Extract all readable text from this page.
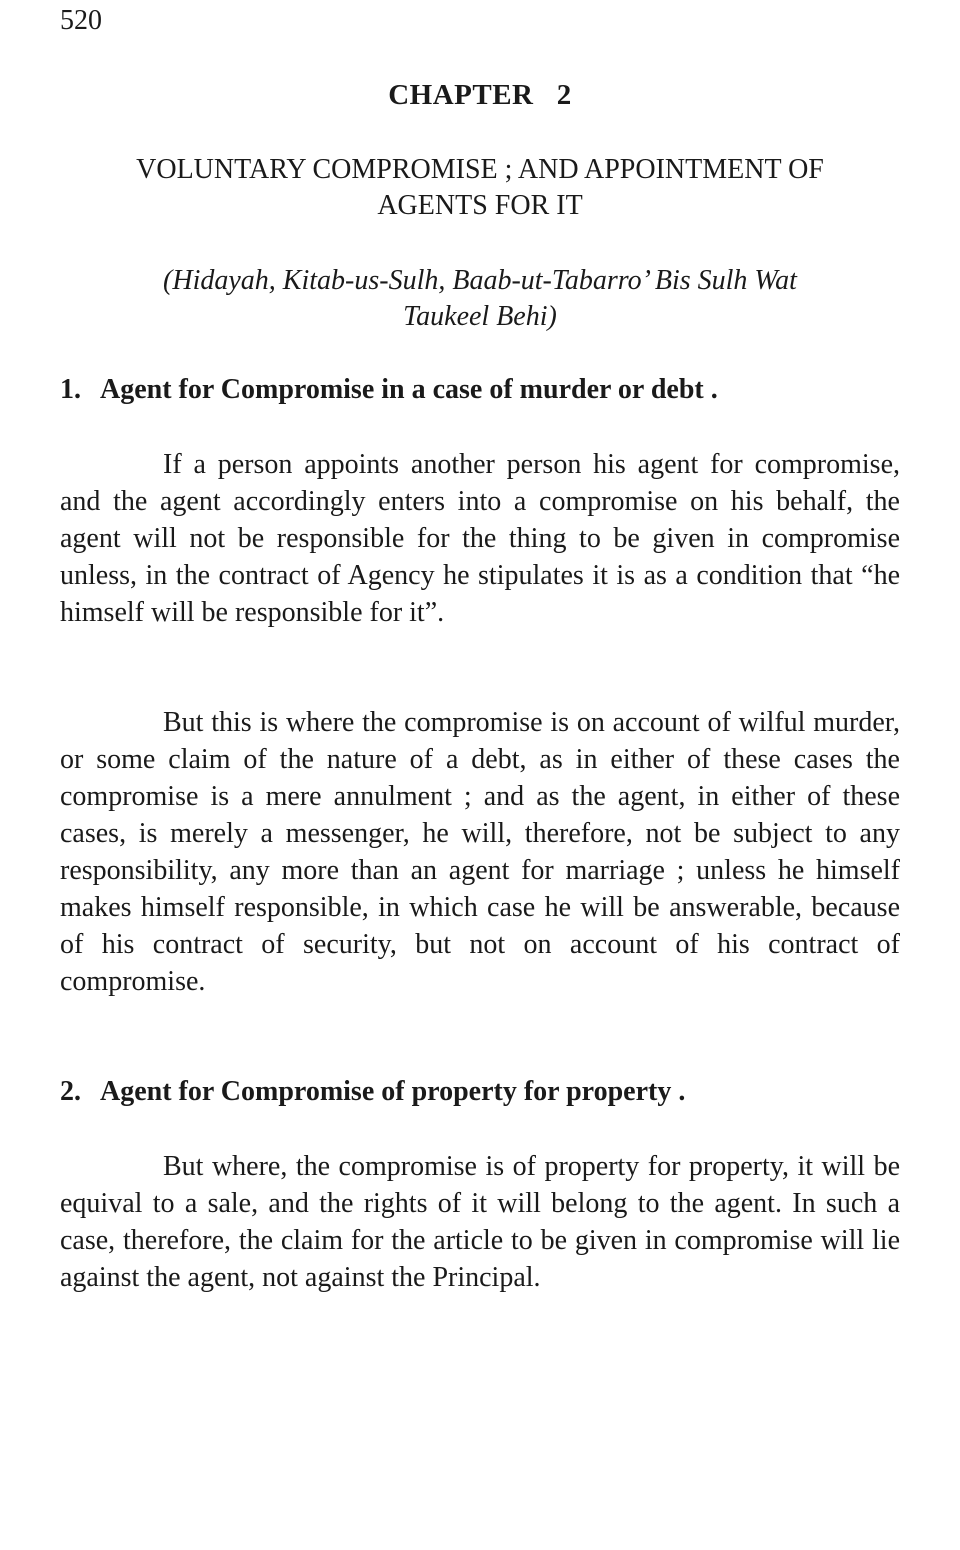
520
CHAPTER   2
VOLUNTARY COMPROMISE ; AND APPOINTMENT OF
AGENTS FOR IT
(Hidayah, Kitab-us-Sulh, Baab-ut-Tabarro’ Bis Sulh Wat
Taukeel Behi)
1. Agent for Compromise in a case of murder or debt .

If a person appoints another person his agent for compromise, and the agent accordingly enters into a compromise on his behalf, the agent will not be responsible for the thing to be given in compromise unless, in the contract of Agency he stipulates it is as a condition that “he himself will be responsible for it”.

But this is where the compromise is on account of wilful murder, or some claim of the nature of a debt, as in either of these cases the compromise is a mere annulment ; and as the agent, in either of these cases, is merely a messenger, he will, therefore, not be subject to any responsibility, any more than an agent for marriage ; unless he himself makes himself responsible, in which case he will be answerable, because of his contract of security, but not on account of his contract of compromise.

2. Agent for Compromise of property for property .

But where, the compromise is of property for property, it will be equival to a sale, and the rights of it will belong to the agent. In such a case, therefore, the claim for the article to be given in compromise will lie against the agent, not against the Principal.
